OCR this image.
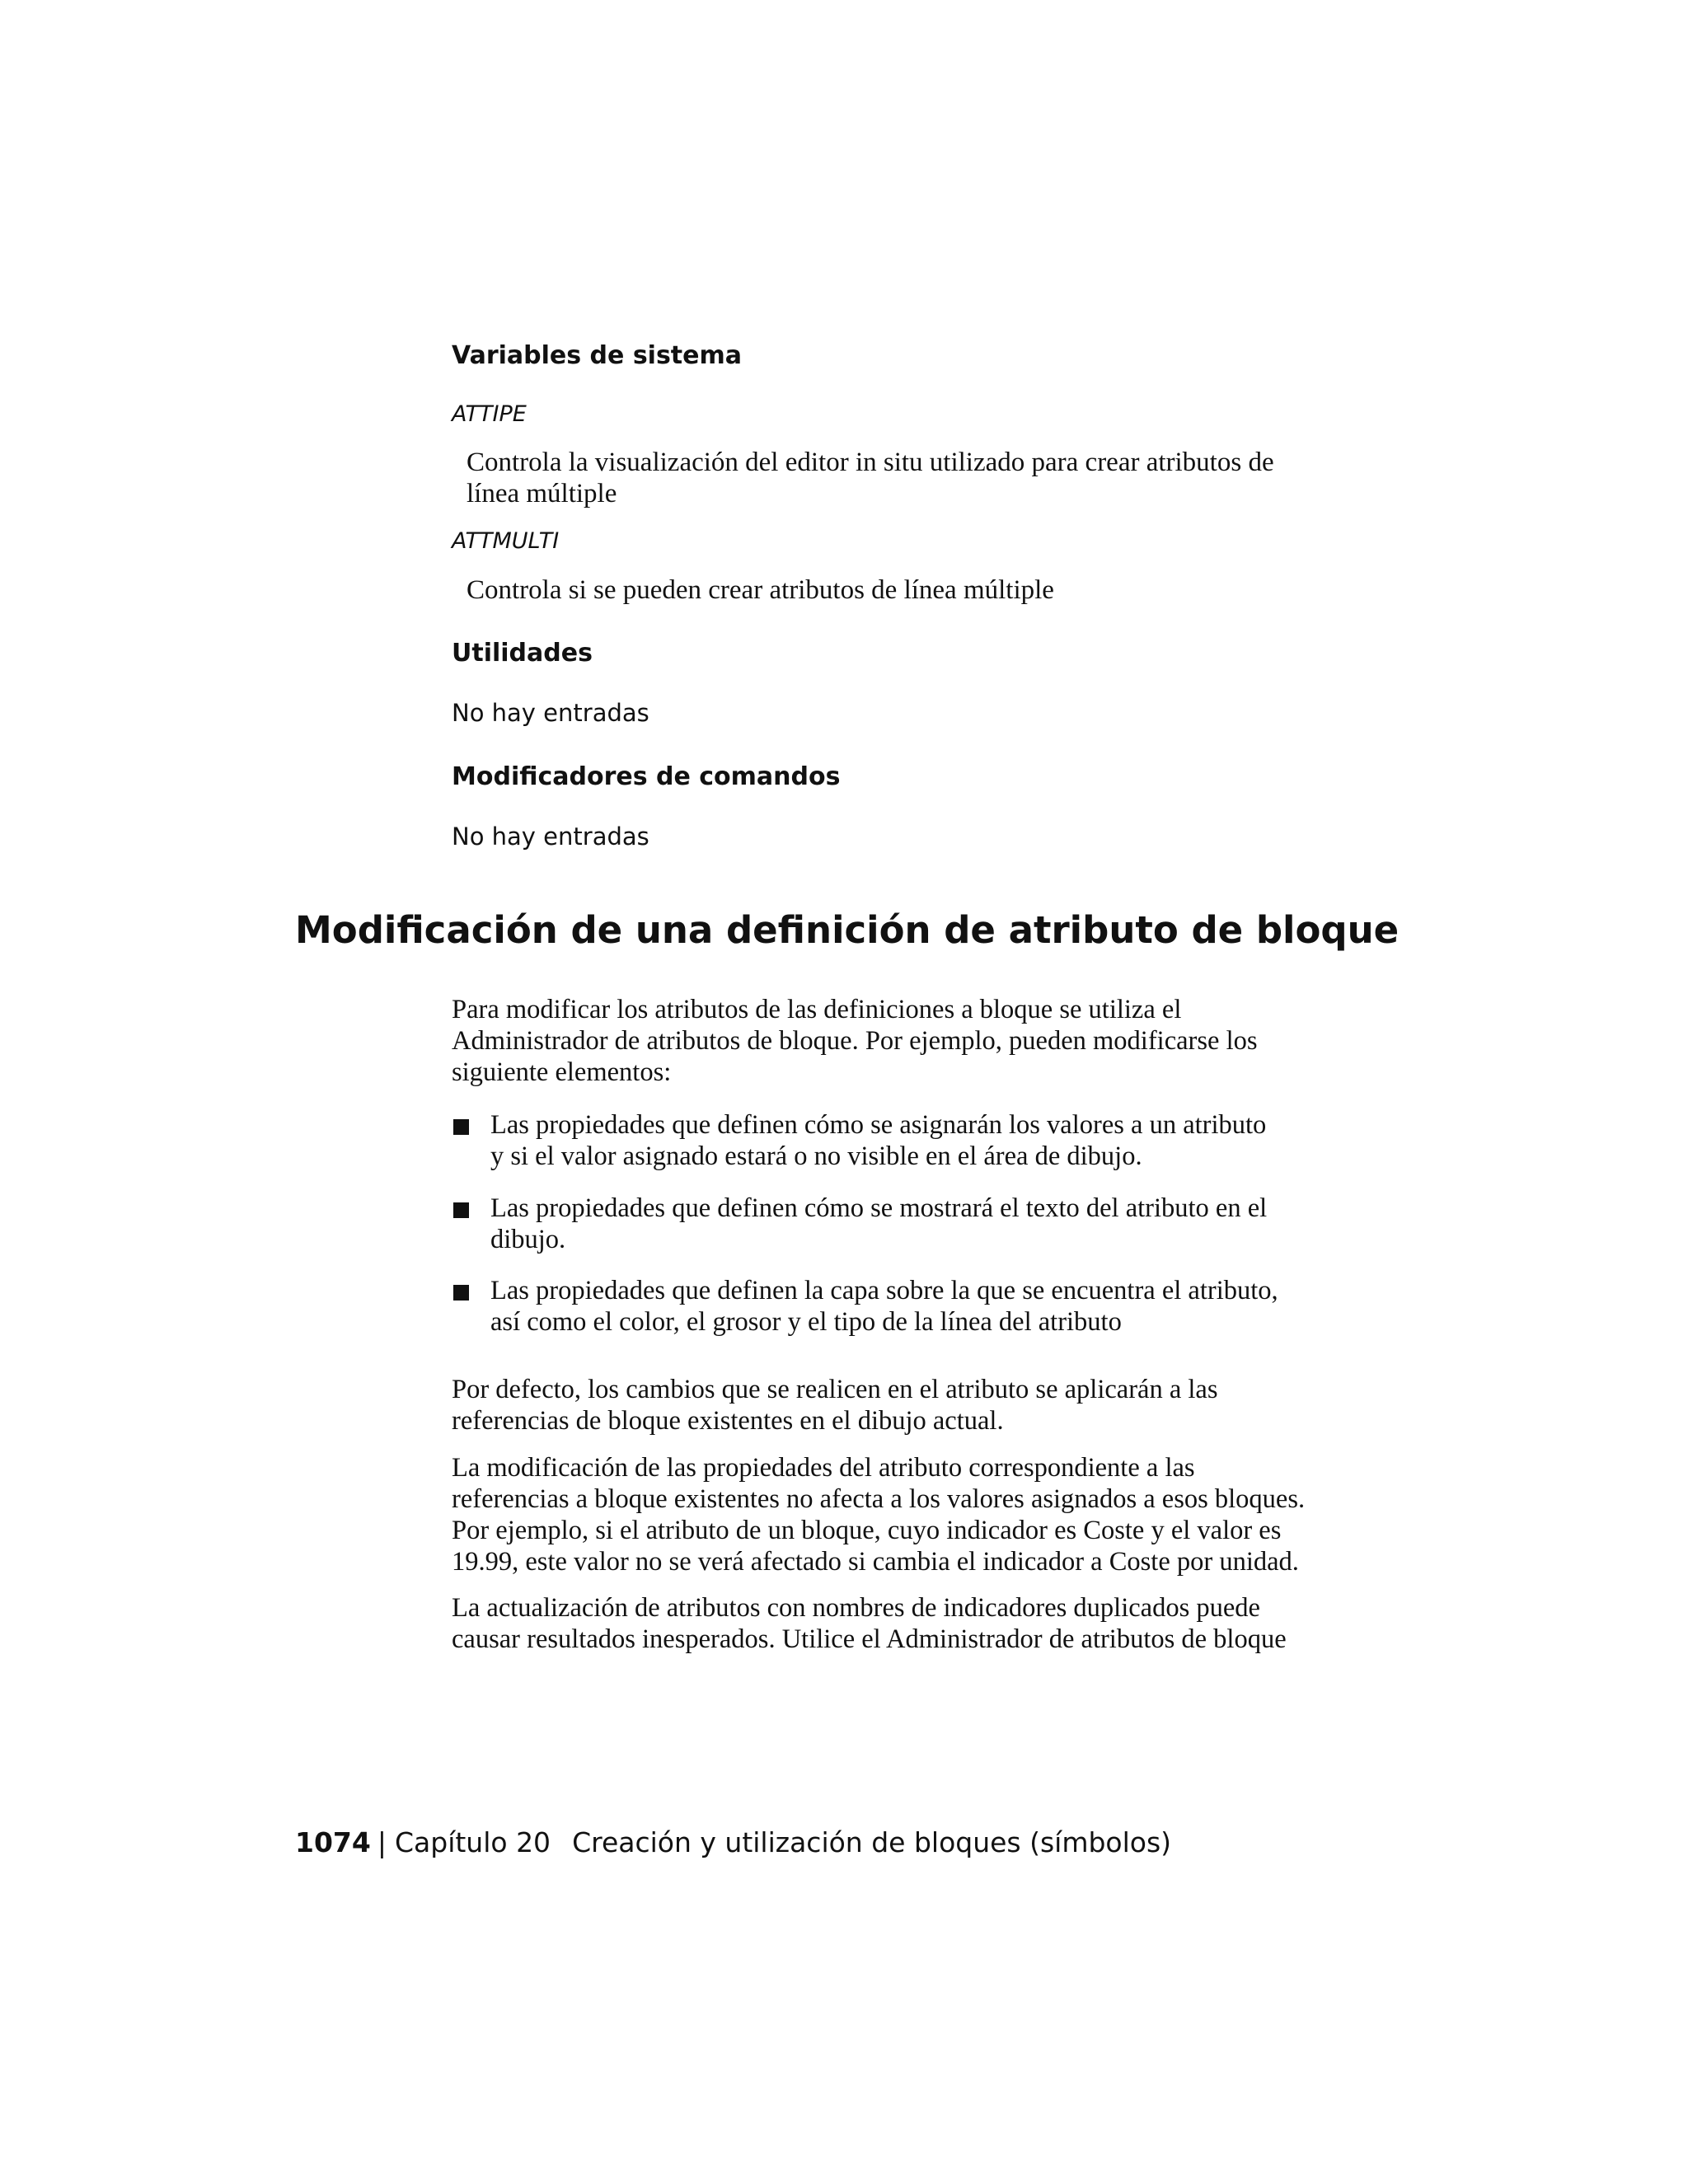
Variables de sistema

ATTIPE

Controla la visualización del editor in situ utilizado para crear atributos de
línea múltiple

ATTMULTI

Controla si se pueden crear atributos de línea múltiple

Utilidades

No hay entradas

Modificadores de comandos

No hay entradas

Modificación de una definición de atributo de bloque

Para modificar los atributos de las definiciones a bloque se utiliza el
Administrador de atributos de bloque. Por ejemplo, pueden modificarse los
siguiente elementos:

Las propiedades que definen cómo se asignarán los valores a un atributo
y si el valor asignado estará o no visible en el área de dibujo.

Las propiedades que definen cómo se mostrará el texto del atributo en el
dibujo.

Las propiedades que definen la capa sobre la que se encuentra el atributo,
así como el color, el grosor y el tipo de la línea del atributo

Por defecto, los cambios que se realicen en el atributo se aplicarán a las
referencias de bloque existentes en el dibujo actual.

La modificación de las propiedades del atributo correspondiente a las
referencias a bloque existentes no afecta a los valores asignados a esos bloques.
Por ejemplo, si el atributo de un bloque, cuyo indicador es Coste y el valor es
19.99, este valor no se verá afectado si cambia el indicador a Coste por unidad.

La actualización de atributos con nombres de indicadores duplicados puede
causar resultados inesperados. Utilice el Administrador de atributos de bloque

1074 | Capítulo 20 Creación y utilización de bloques (símbolos)
